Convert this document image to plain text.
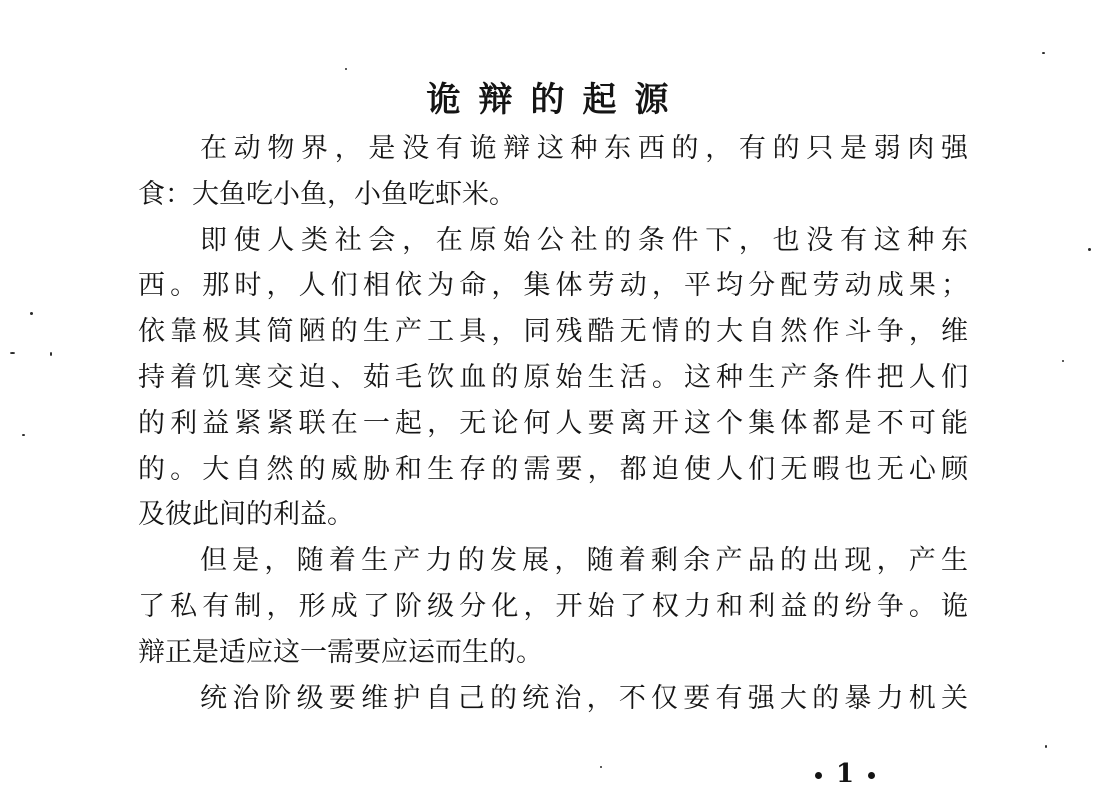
诡辩的起源
在动物界，是没有诡辩这种东西的，有的只是弱肉强
食：大鱼吃小鱼，小鱼吃虾米。
即使人类社会，在原始公社的条件下，也没有这种东
西。那时，人们相依为命，集体劳动，平均分配劳动成果；
依靠极其简陋的生产工具，同残酷无情的大自然作斗争，维
持着饥寒交迫、茹毛饮血的原始生活。这种生产条件把人们
的利益紧紧联在一起，无论何人要离开这个集体都是不可能
的。大自然的威胁和生存的需要，都迫使人们无暇也无心顾
及彼此间的利益。
但是，随着生产力的发展，随着剩余产品的出现，产生
了私有制，形成了阶级分化，开始了权力和利益的纷争。诡
辩正是适应这一需要应运而生的。
统治阶级要维护自己的统治，不仅要有强大的暴力机关
1
